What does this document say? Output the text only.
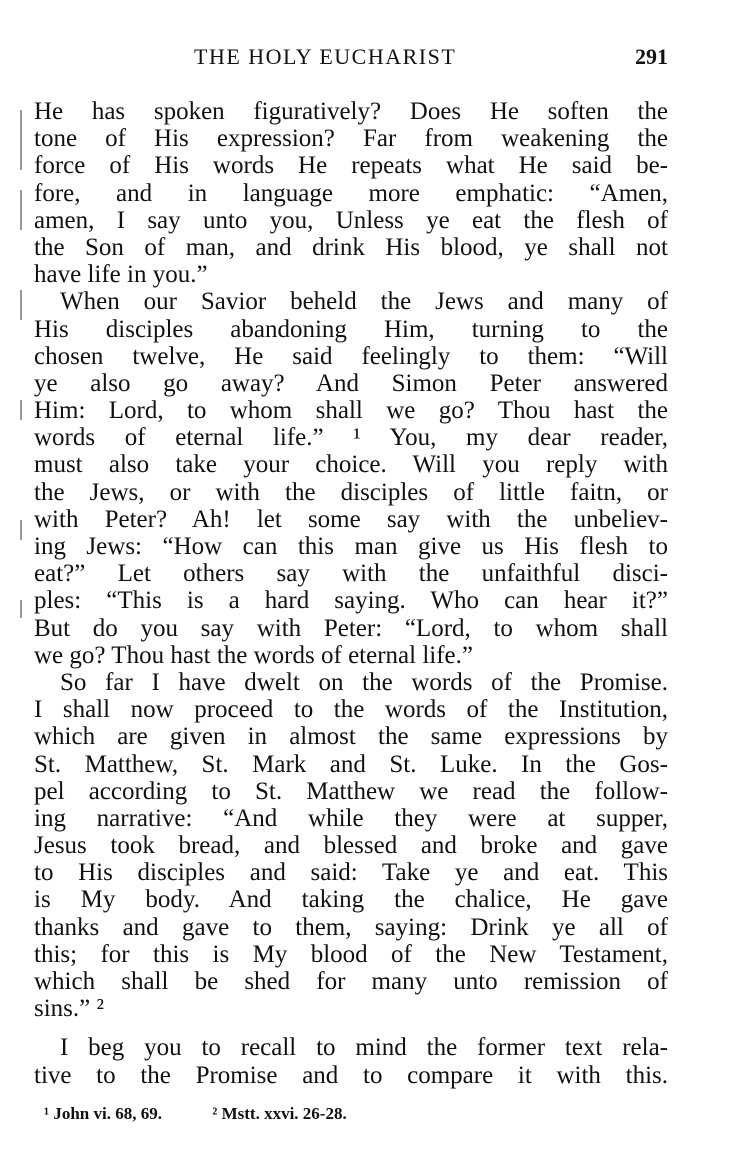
THE HOLY EUCHARIST	291
He has spoken figuratively? Does He soften the
tone of His expression? Far from weakening the
force of His words He repeats what He said be-
fore, and in language more emphatic: “Amen,
amen, I say unto you, Unless ye eat the flesh of
the Son of man, and drink His blood, ye shall not
have life in you.”
When our Savior beheld the Jews and many of
His disciples abandoning Him, turning to the
chosen twelve, He said feelingly to them: “Will
ye also go away? And Simon Peter answered
Him: Lord, to whom shall we go? Thou hast the
words of eternal life.” ¹ You, my dear reader,
must also take your choice. Will you reply with
the Jews, or with the disciples of little faitn, or
with Peter? Ah! let some say with the unbeliev-
ing Jews: “How can this man give us His flesh to
eat?” Let others say with the unfaithful disci-
ples: “This is a hard saying. Who can hear it?”
But do you say with Peter: “Lord, to whom shall
we go? Thou hast the words of eternal life.”
So far I have dwelt on the words of the Promise.
I shall now proceed to the words of the Institution,
which are given in almost the same expressions by
St. Matthew, St. Mark and St. Luke. In the Gos-
pel according to St. Matthew we read the follow-
ing narrative: “And while they were at supper,
Jesus took bread, and blessed and broke and gave
to His disciples and said: Take ye and eat. This
is My body. And taking the chalice, He gave
thanks and gave to them, saying: Drink ye all of
this; for this is My blood of the New Testament,
which shall be shed for many unto remission of
sins.” ²
I beg you to recall to mind the former text rela-
tive to the Promise and to compare it with this.
¹ John vi. 68, 69.	² Mstt. xxvi. 26-28.
